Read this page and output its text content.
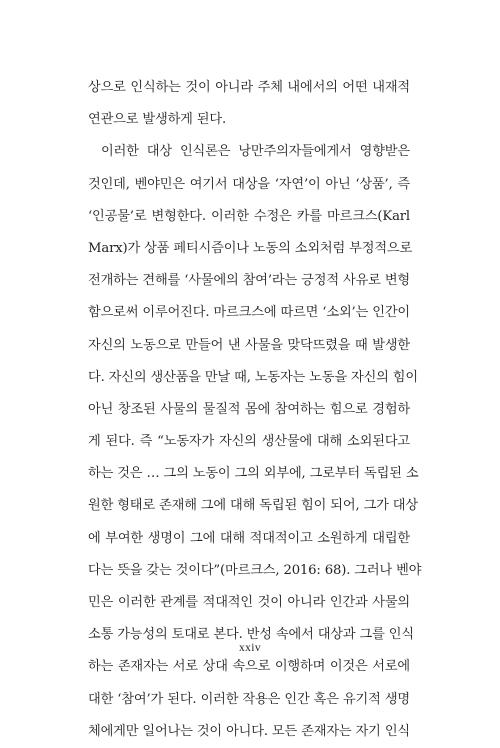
상으로 인식하는 것이 아니라 주체 내에서의 어떤 내재적
연관으로 발생하게 된다.
이러한 대상 인식론은 낭만주의자들에게서 영향받은
것인데, 벤야민은 여기서 대상을 ‘자연’이 아닌 ‘상품’, 즉
‘인공물’로 변형한다. 이러한 수정은 카를 마르크스(Karl
Marx)가 상품 페티시즘이나 노동의 소외처럼 부정적으로
전개하는 견해를 ‘사물에의 참여’라는 긍정적 사유로 변형
함으로써 이루어진다. 마르크스에 따르면 ‘소외’는 인간이
자신의 노동으로 만들어 낸 사물을 맞닥뜨렸을 때 발생한
다. 자신의 생산품을 만날 때, 노동자는 노동을 자신의 힘이
아닌 창조된 사물의 물질적 몸에 참여하는 힘으로 경험하
게 된다. 즉 “노동자가 자신의 생산물에 대해 소외된다고
하는 것은 … 그의 노동이 그의 외부에, 그로부터 독립된 소
원한 형태로 존재해 그에 대해 독립된 힘이 되어, 그가 대상
에 부여한 생명이 그에 대해 적대적이고 소원하게 대립한
다는 뜻을 갖는 것이다”(마르크스, 2016: 68). 그러나 벤야
민은 이러한 관계를 적대적인 것이 아니라 인간과 사물의
소통 가능성의 토대로 본다. 반성 속에서 대상과 그를 인식
하는 존재자는 서로 상대 속으로 이행하며 이것은 서로에
대한 ‘참여’가 된다. 이러한 작용은 인간 혹은 유기적 생명
체에게만 일어나는 것이 아니다. 모든 존재자는 자기 인식
xxiv
